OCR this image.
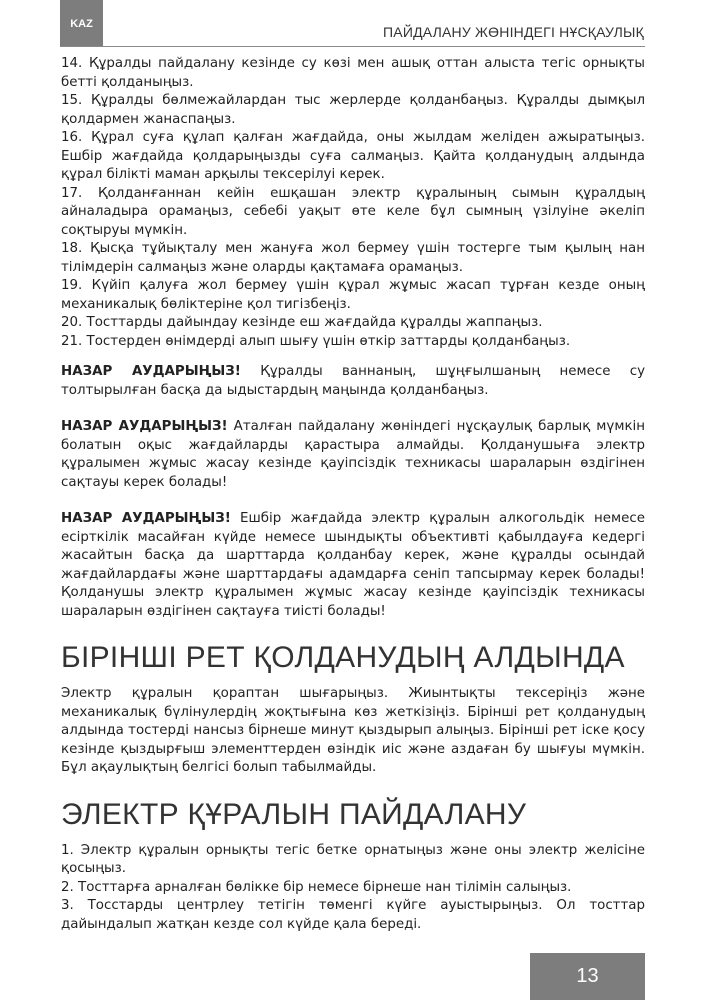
KAZ
ПАЙДАЛАНУ ЖӨНІНДЕГІ НҰСҚАУЛЫҚ

14. Құралды пайдалану кезінде су көзі мен ашық оттан алыста тегіс орнықты бетті қолданыңыз.

15. Құралды бөлмежайлардан тыс жерлерде қолданбаңыз. Құралды дымқыл қолдармен жанаспаңыз.

16. Құрал суға құлап қалған жағдайда, оны жылдам желіден ажыратыңыз. Ешбір жағдайда қолдарыңызды суға салмаңыз. Қайта қолданудың алдында құрал білікті маман арқылы тексерілуі керек.

17. Қолданғаннан кейін ешқашан электр құралының сымын құралдың айналадыра орамаңыз, себебі уақыт өте келе бұл сымның үзілуіне әкеліп соқтыруы мүмкін.

18. Қысқа тұйықталу мен жануға жол бермеу үшін тостерге тым қылың нан тілімдерін салмаңыз және оларды қақтамаға орамаңыз.

19. Күйіп қалуға жол бермеу үшін құрал жұмыс жасап тұрған кезде оның механикалық бөліктеріне қол тигізбеңіз.

20. Тосттарды дайындау кезінде еш жағдайда құралды жаппаңыз.

21. Тостерден өнімдерді алып шығу үшін өткір заттарды қолданбаңыз.

НАЗАР АУДАРЫҢЫЗ! Құралды ваннаның, шұңғылшаның немесе су толтырылған басқа да ыдыстардың маңында қолданбаңыз.

НАЗАР АУДАРЫҢЫЗ! Аталған пайдалану жөніндегі нұсқаулық барлық мүмкін болатын оқыс жағдайларды қарастыра алмайды. Қолданушыға электр құралымен жұмыс жасау кезінде қауіпсіздік техникасы шараларын өздігінен сақтауы керек болады!

НАЗАР АУДАРЫҢЫЗ! Ешбір жағдайда электр құралын алкогольдік немесе есірткілік масайған күйде немесе шындықты объективті қабылдауға кедергі жасайтын басқа да шарттарда қолданбау керек, және құралды осындай жағдайлардағы және шарттардағы адамдарға сеніп тапсырмау керек болады! Қолданушы электр құралымен жұмыс жасау кезінде қауіпсіздік техникасы шараларын өздігінен сақтауға тиісті болады!

БІРІНШІ РЕТ ҚОЛДАНУДЫҢ АЛДЫНДА

Электр құралын қораптан шығарыңыз. Жиынтықты тексеріңіз және механикалық бүлінулердің жоқтығына көз жеткізіңіз. Бірінші рет қолданудың алдында тостерді нансыз бірнеше минут қыздырып алыңыз. Бірінші рет іске қосу кезінде қыздырғыш элементтерден өзіндік иіс және аздаған бу шығуы мүмкін. Бұл ақаулықтың белгісі болып табылмайды.

ЭЛЕКТР ҚҰРАЛЫН ПАЙДАЛАНУ

1. Электр құралын орнықты тегіс бетке орнатыңыз және оны электр желісіне қосыңыз.

2. Тосттарға арналған бөлікке бір немесе бірнеше нан тілімін салыңыз.

3. Тосстарды центрлеу тетігін төменгі күйге ауыстырыңыз. Ол тосттар дайындалып жатқан кезде сол күйде қала береді.

13
